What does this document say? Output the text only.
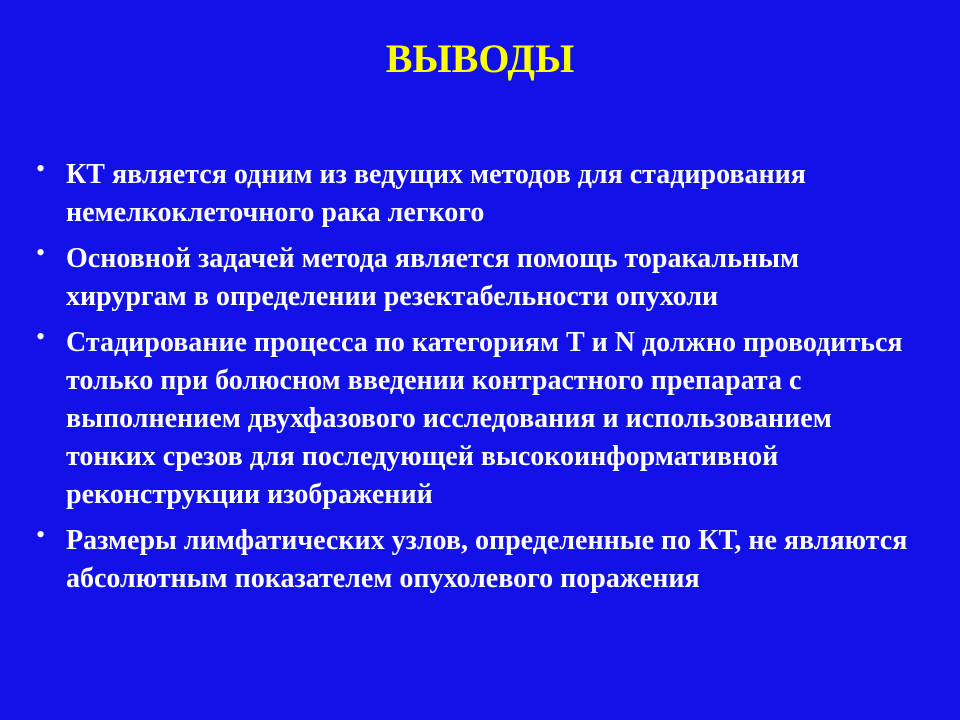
ВЫВОДЫ
• КТ является одним из ведущих методов для стадирования немелкоклеточного рака легкого
• Основной задачей метода является помощь торакальным хирургам в определении резектабельности опухоли
• Стадирование процесса по категориям Т и N должно проводиться только при болюсном введении контрастного препарата с выполнением двухфазового исследования и использованием тонких срезов для последующей высокоинформативной реконструкции изображений
• Размеры лимфатических узлов, определенные по КТ, не являются абсолютным показателем опухолевого поражения
